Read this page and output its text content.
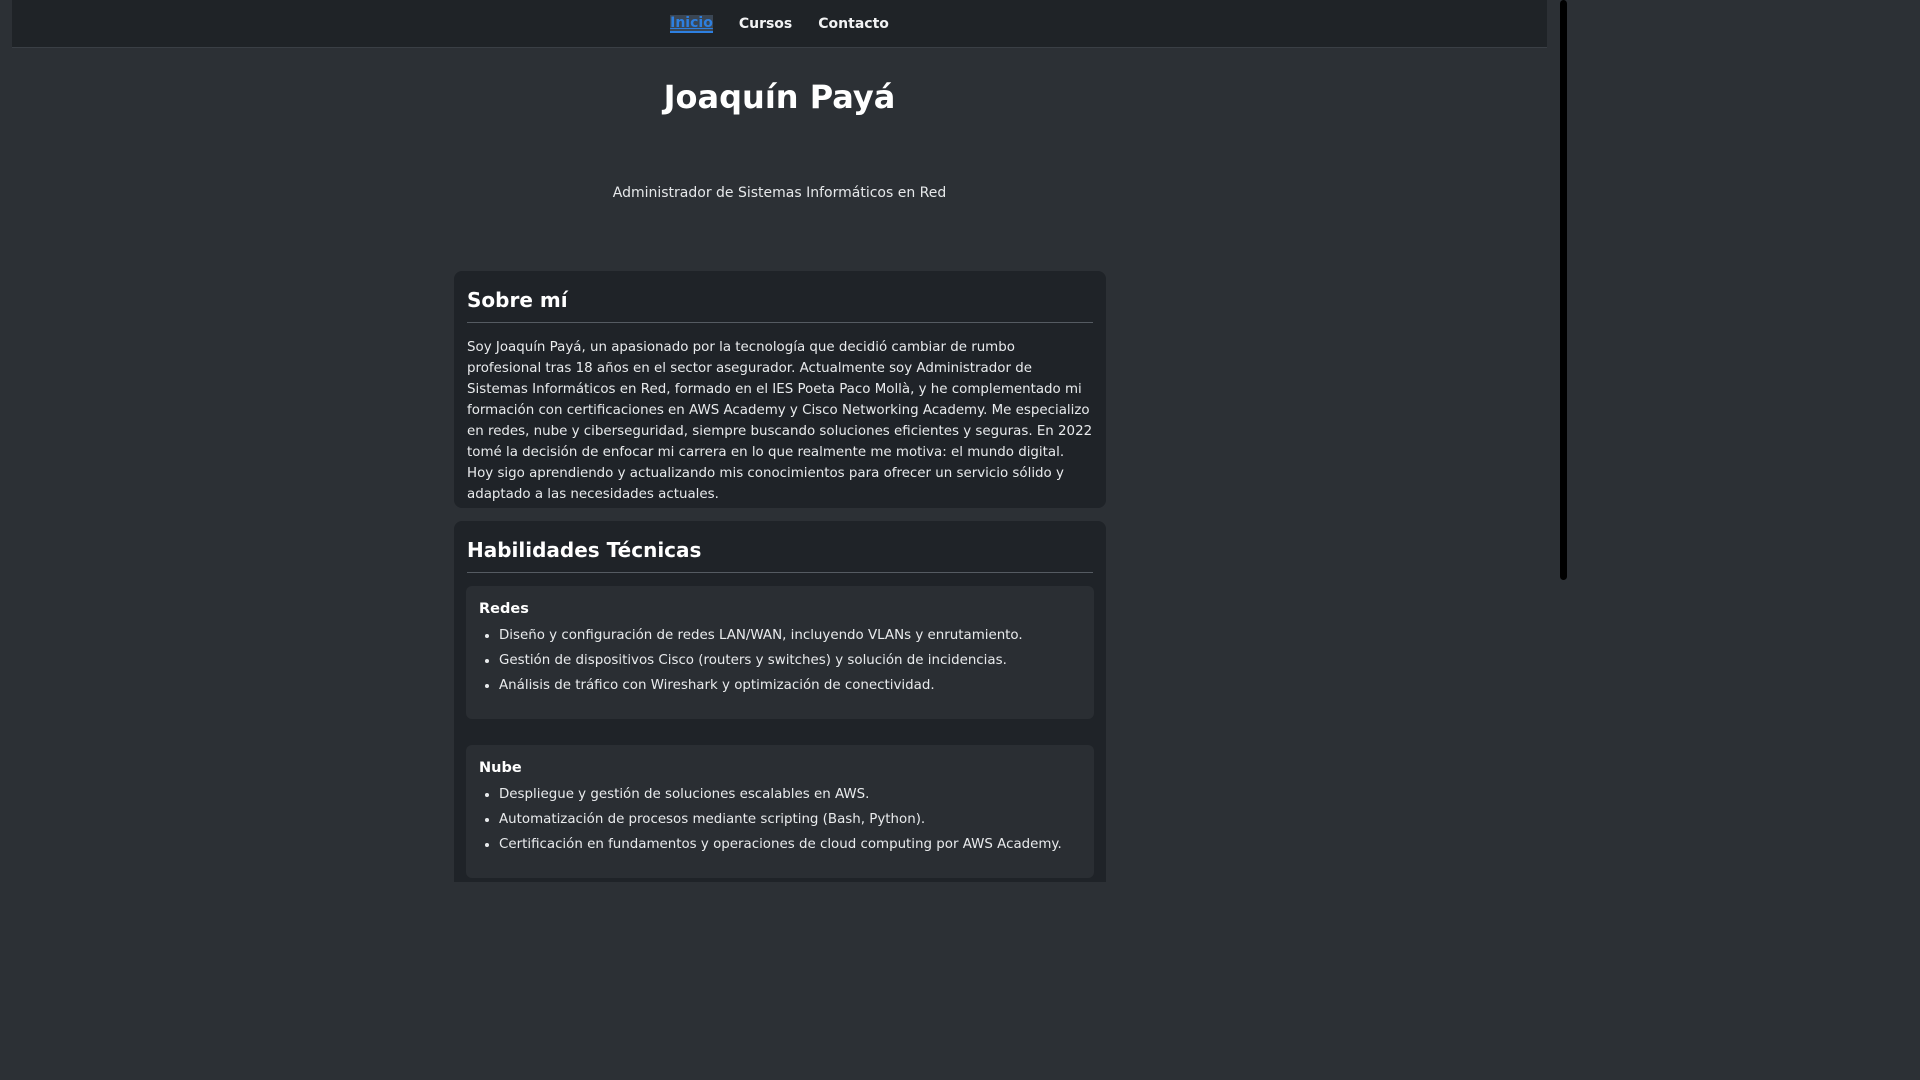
Inicio Cursos Contacto
Joaquín Payá

Administrador de Sistemas Informáticos en Red

Sobre mí

Soy Joaquín Payá, un apasionado por la tecnología que decidió cambiar de rumbo profesional tras 18 años en el sector asegurador. Actualmente soy Administrador de Sistemas Informáticos en Red, formado en el IES Poeta Paco Mollà, y he complementado mi formación con certificaciones en AWS Academy y Cisco Networking Academy. Me especializo en redes, nube y ciberseguridad, siempre buscando soluciones eficientes y seguras. En 2022 tomé la decisión de enfocar mi carrera en lo que realmente me motiva: el mundo digital. Hoy sigo aprendiendo y actualizando mis conocimientos para ofrecer un servicio sólido y adaptado a las necesidades actuales.

Habilidades Técnicas
Redes
• Diseño y configuración de redes LAN/WAN, incluyendo VLANs y enrutamiento.
• Gestión de dispositivos Cisco (routers y switches) y solución de incidencias.
• Análisis de tráfico con Wireshark y optimización de conectividad.
Nube
• Despliegue y gestión de soluciones escalables en AWS.
• Automatización de procesos mediante scripting (Bash, Python).
• Certificación en fundamentos y operaciones de cloud computing por AWS Academy.
